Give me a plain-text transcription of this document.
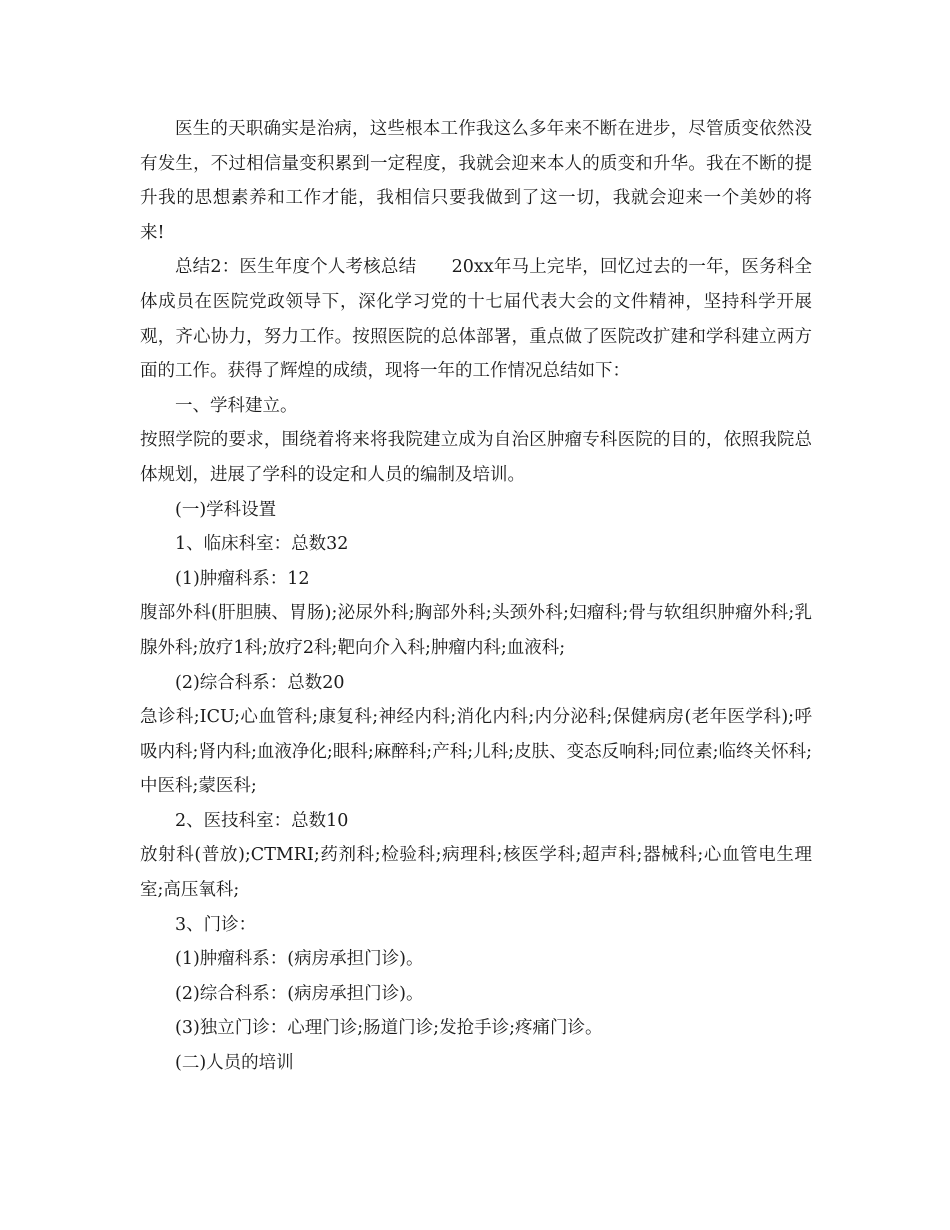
医生的天职确实是治病，这些根本工作我这么多年来不断在进步，尽管质变依然没有发生，不过相信量变积累到一定程度，我就会迎来本人的质变和升华。我在不断的提升我的思想素养和工作才能，我相信只要我做到了这一切，我就会迎来一个美妙的将来!

总结2：医生年度个人考核总结　　20xx年马上完毕，回忆过去的一年，医务科全体成员在医院党政领导下，深化学习党的十七届代表大会的文件精神，坚持科学开展观，齐心协力，努力工作。按照医院的总体部署，重点做了医院改扩建和学科建立两方面的工作。获得了辉煌的成绩，现将一年的工作情况总结如下：

一、学科建立。

按照学院的要求，围绕着将来将我院建立成为自治区肿瘤专科医院的目的，依照我院总体规划，进展了学科的设定和人员的编制及培训。

(一)学科设置

1、临床科室：总数32

(1)肿瘤科系：12

腹部外科(肝胆胰、胃肠);泌尿外科;胸部外科;头颈外科;妇瘤科;骨与软组织肿瘤外科;乳腺外科;放疗1科;放疗2科;靶向介入科;肿瘤内科;血液科;

(2)综合科系：总数20

急诊科;ICU;心血管科;康复科;神经内科;消化内科;内分泌科;保健病房(老年医学科);呼吸内科;肾内科;血液净化;眼科;麻醉科;产科;儿科;皮肤、变态反响科;同位素;临终关怀科;中医科;蒙医科;

2、医技科室：总数10

放射科(普放);CTMRI;药剂科;检验科;病理科;核医学科;超声科;器械科;心血管电生理室;高压氧科;

3、门诊：

(1)肿瘤科系：(病房承担门诊)。

(2)综合科系：(病房承担门诊)。

(3)独立门诊：心理门诊;肠道门诊;发抢手诊;疼痛门诊。

(二)人员的培训
